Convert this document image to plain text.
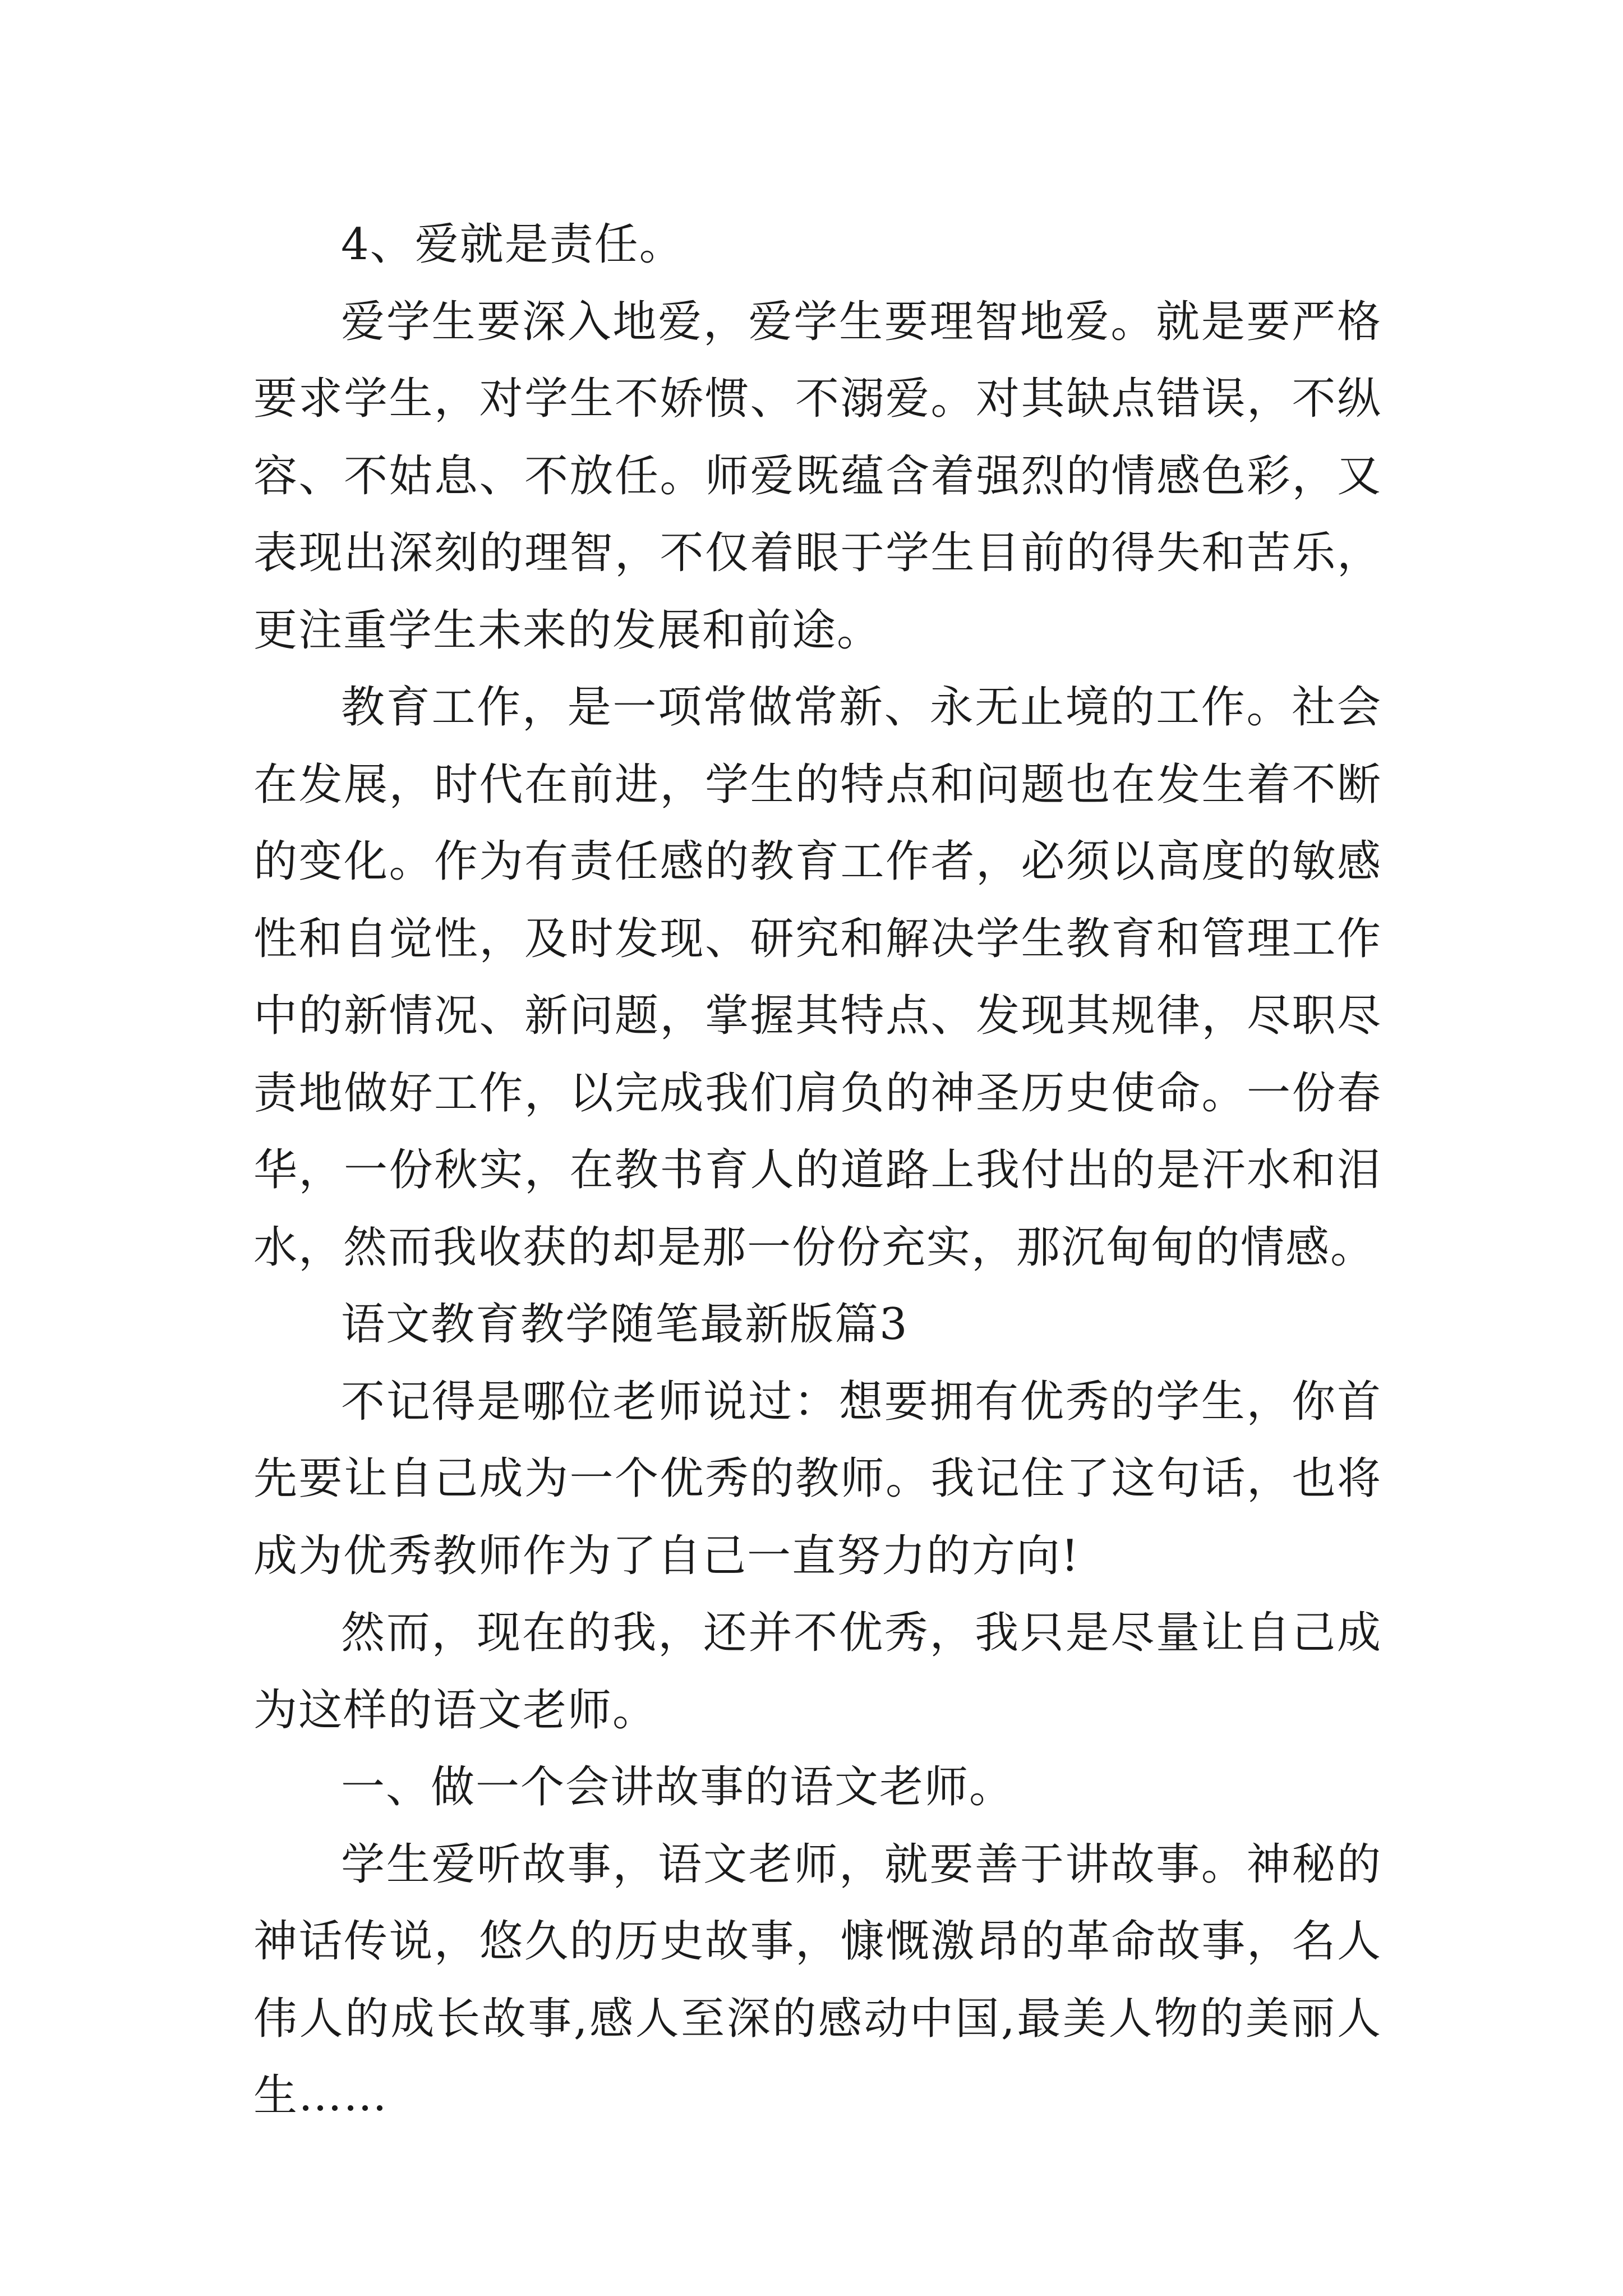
4、爱就是责任。

爱学生要深入地爱，爱学生要理智地爱。就是要严格要求学生，对学生不娇惯、不溺爱。对其缺点错误，不纵容、不姑息、不放任。师爱既蕴含着强烈的情感色彩，又表现出深刻的理智，不仅着眼于学生目前的得失和苦乐，更注重学生未来的发展和前途。

教育工作，是一项常做常新、永无止境的工作。社会在发展，时代在前进，学生的特点和问题也在发生着不断的变化。作为有责任感的教育工作者，必须以高度的敏感性和自觉性，及时发现、研究和解决学生教育和管理工作中的新情况、新问题，掌握其特点、发现其规律，尽职尽责地做好工作，以完成我们肩负的神圣历史使命。一份春华，一份秋实，在教书育人的道路上我付出的是汗水和泪水，然而我收获的却是那一份份充实，那沉甸甸的情感。

语文教育教学随笔最新版篇3

不记得是哪位老师说过：想要拥有优秀的学生，你首先要让自己成为一个优秀的教师。我记住了这句话，也将成为优秀教师作为了自己一直努力的方向!

然而，现在的我，还并不优秀，我只是尽量让自己成为这样的语文老师。

一、做一个会讲故事的语文老师。

学生爱听故事，语文老师，就要善于讲故事。神秘的神话传说，悠久的历史故事，慷慨激昂的革命故事，名人伟人的成长故事,感人至深的感动中国,最美人物的美丽人生……
